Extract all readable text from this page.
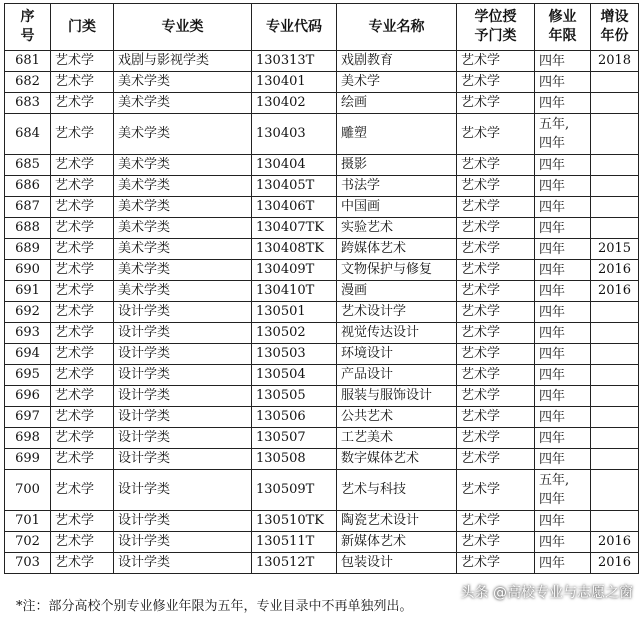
序
号	门类	专业类	专业代码	专业名称	学位授
予门类	修业
年限	增设
年份

681	艺术学	戏剧与影视学类	130313T	戏剧教育	艺术学	四年	2018
682	艺术学	美术学类	130401	美术学	艺术学	四年	

683	艺术学	美术学类	130402	绘画	艺术学	四年	

684	艺术学	美术学类	130403	雕塑	艺术学	五年,
四年	

685	艺术学	美术学类	130404	摄影	艺术学	四年	

686	艺术学	美术学类	130405T	书法学	艺术学	四年	

687	艺术学	美术学类	130406T	中国画	艺术学	四年	

688	艺术学	美术学类	130407TK	实验艺术	艺术学	四年	

689	艺术学	美术学类	130408TK	跨媒体艺术	艺术学	四年	2015
690	艺术学	美术学类	130409T	文物保护与修复	艺术学	四年	2016
691	艺术学	美术学类	130410T	漫画	艺术学	四年	2016
692	艺术学	设计学类	130501	艺术设计学	艺术学	四年	

693	艺术学	设计学类	130502	视觉传达设计	艺术学	四年	

694	艺术学	设计学类	130503	环境设计	艺术学	四年	

695	艺术学	设计学类	130504	产品设计	艺术学	四年	

696	艺术学	设计学类	130505	服装与服饰设计	艺术学	四年	

697	艺术学	设计学类	130506	公共艺术	艺术学	四年	

698	艺术学	设计学类	130507	工艺美术	艺术学	四年	

699	艺术学	设计学类	130508	数字媒体艺术	艺术学	四年	

700	艺术学	设计学类	130509T	艺术与科技	艺术学	五年,
四年	

701	艺术学	设计学类	130510TK	陶瓷艺术设计	艺术学	四年	

702	艺术学	设计学类	130511T	新媒体艺术	艺术学	四年	2016
703	艺术学	设计学类	130512T	包装设计	艺术学	四年	2016
*注：部分高校个别专业修业年限为五年，专业目录中不再单独列出。
头条 @高校专业与志愿之窗
